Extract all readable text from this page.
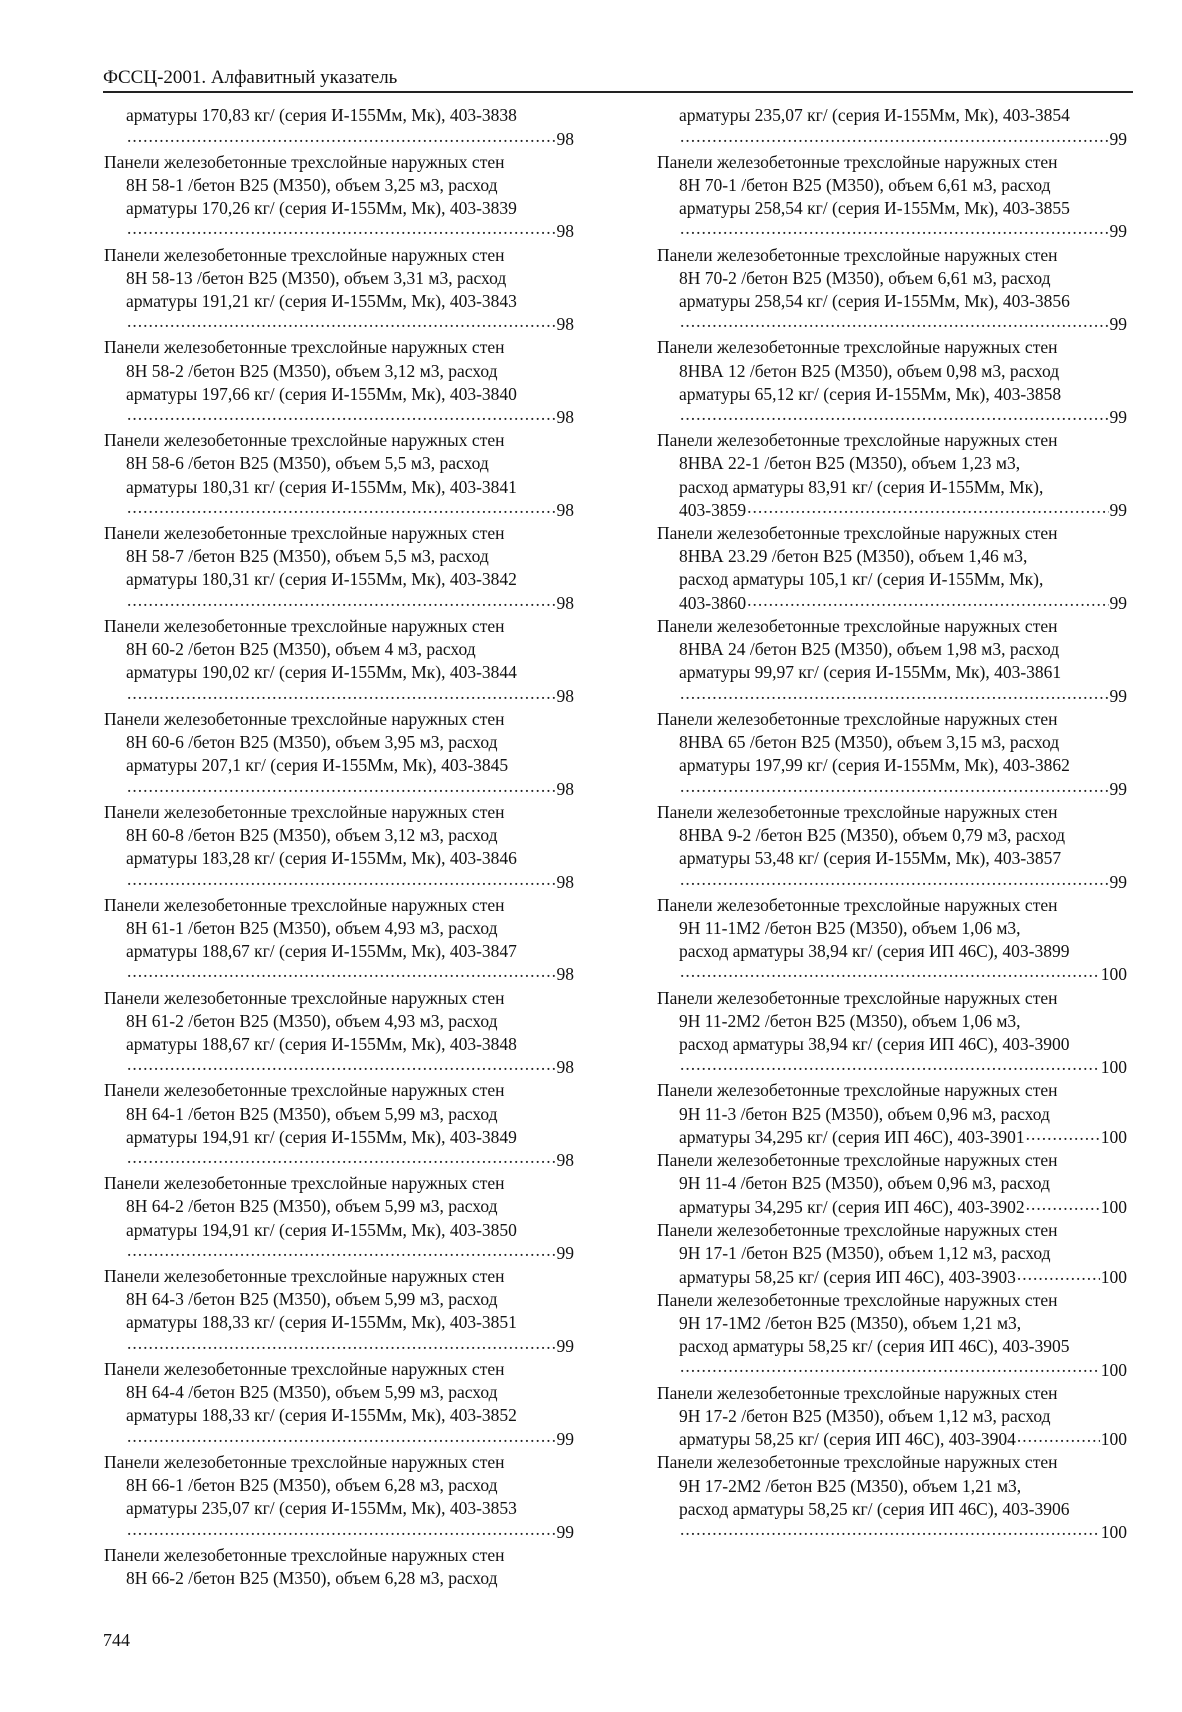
ФССЦ-2001. Алфавитный указатель
арматуры 170,83 кг/ (серия И-155Мм, Мк), 403-3838
.....
98
Панели железобетонные трехслойные наружных стен
8Н 58-1 /бетон В25 (М350), объем 3,25 м3, расход
арматуры 170,26 кг/ (серия И-155Мм, Мк), 403-3839
.....
98
Панели железобетонные трехслойные наружных стен
8Н 58-13 /бетон В25 (М350), объем 3,31 м3, расход
арматуры 191,21 кг/ (серия И-155Мм, Мк), 403-3843
.....
98
Панели железобетонные трехслойные наружных стен
8Н 58-2 /бетон В25 (М350), объем 3,12 м3, расход
арматуры 197,66 кг/ (серия И-155Мм, Мк), 403-3840
.....
98
Панели железобетонные трехслойные наружных стен
8Н 58-6 /бетон В25 (М350), объем 5,5 м3, расход
арматуры 180,31 кг/ (серия И-155Мм, Мк), 403-3841
.....
98
Панели железобетонные трехслойные наружных стен
8Н 58-7 /бетон В25 (М350), объем 5,5 м3, расход
арматуры 180,31 кг/ (серия И-155Мм, Мк), 403-3842
.....
98
Панели железобетонные трехслойные наружных стен
8Н 60-2 /бетон В25 (М350), объем 4 м3, расход
арматуры 190,02 кг/ (серия И-155Мм, Мк), 403-3844
.....
98
Панели железобетонные трехслойные наружных стен
8Н 60-6 /бетон В25 (М350), объем 3,95 м3, расход
арматуры 207,1 кг/ (серия И-155Мм, Мк), 403-3845
.....
98
Панели железобетонные трехслойные наружных стен
8Н 60-8 /бетон В25 (М350), объем 3,12 м3, расход
арматуры 183,28 кг/ (серия И-155Мм, Мк), 403-3846
.....
98
Панели железобетонные трехслойные наружных стен
8Н 61-1 /бетон В25 (М350), объем 4,93 м3, расход
арматуры 188,67 кг/ (серия И-155Мм, Мк), 403-3847
.....
98
Панели железобетонные трехслойные наружных стен
8Н 61-2 /бетон В25 (М350), объем 4,93 м3, расход
арматуры 188,67 кг/ (серия И-155Мм, Мк), 403-3848
.....
98
Панели железобетонные трехслойные наружных стен
8Н 64-1 /бетон В25 (М350), объем 5,99 м3, расход
арматуры 194,91 кг/ (серия И-155Мм, Мк), 403-3849
.....
98
Панели железобетонные трехслойные наружных стен
8Н 64-2 /бетон В25 (М350), объем 5,99 м3, расход
арматуры 194,91 кг/ (серия И-155Мм, Мк), 403-3850
.....
99
Панели железобетонные трехслойные наружных стен
8Н 64-3 /бетон В25 (М350), объем 5,99 м3, расход
арматуры 188,33 кг/ (серия И-155Мм, Мк), 403-3851
.....
99
Панели железобетонные трехслойные наружных стен
8Н 64-4 /бетон В25 (М350), объем 5,99 м3, расход
арматуры 188,33 кг/ (серия И-155Мм, Мк), 403-3852
.....
99
Панели железобетонные трехслойные наружных стен
8Н 66-1 /бетон В25 (М350), объем 6,28 м3, расход
арматуры 235,07 кг/ (серия И-155Мм, Мк), 403-3853
.....
99
Панели железобетонные трехслойные наружных стен
8Н 66-2 /бетон В25 (М350), объем 6,28 м3, расход
арматуры 235,07 кг/ (серия И-155Мм, Мк), 403-3854
.....
99
Панели железобетонные трехслойные наружных стен
8Н 70-1 /бетон В25 (М350), объем 6,61 м3, расход
арматуры 258,54 кг/ (серия И-155Мм, Мк), 403-3855
.....
99
Панели железобетонные трехслойные наружных стен
8Н 70-2 /бетон В25 (М350), объем 6,61 м3, расход
арматуры 258,54 кг/ (серия И-155Мм, Мк), 403-3856
.....
99
Панели железобетонные трехслойные наружных стен
8НВА 12 /бетон В25 (М350), объем 0,98 м3, расход
арматуры 65,12 кг/ (серия И-155Мм, Мк), 403-3858
.....
99
Панели железобетонные трехслойные наружных стен
8НВА 22-1 /бетон В25 (М350), объем 1,23 м3,
расход арматуры 83,91 кг/ (серия И-155Мм, Мк),
403-3859 .....	99
Панели железобетонные трехслойные наружных стен
8НВА 23.29 /бетон В25 (М350), объем 1,46 м3,
расход арматуры 105,1 кг/ (серия И-155Мм, Мк),
403-3860 .....	99
Панели железобетонные трехслойные наружных стен
8НВА 24 /бетон В25 (М350), объем 1,98 м3, расход
арматуры 99,97 кг/ (серия И-155Мм, Мк), 403-3861
.....
99
Панели железобетонные трехслойные наружных стен
8НВА 65 /бетон В25 (М350), объем 3,15 м3, расход
арматуры 197,99 кг/ (серия И-155Мм, Мк), 403-3862
.....
99
Панели железобетонные трехслойные наружных стен
8НВА 9-2 /бетон В25 (М350), объем 0,79 м3, расход
арматуры 53,48 кг/ (серия И-155Мм, Мк), 403-3857
.....
99
Панели железобетонные трехслойные наружных стен
9Н 11-1М2 /бетон В25 (М350), объем 1,06 м3,
расход арматуры 38,94 кг/ (серия ИП 46С), 403-3899
.....
100
Панели железобетонные трехслойные наружных стен
9Н 11-2М2 /бетон В25 (М350), объем 1,06 м3,
расход арматуры 38,94 кг/ (серия ИП 46С), 403-3900
.....
100
Панели железобетонные трехслойные наружных стен
9Н 11-3 /бетон В25 (М350), объем 0,96 м3, расход
арматуры 34,295 кг/ (серия ИП 46С), 403-3901 .....	100
Панели железобетонные трехслойные наружных стен
9Н 11-4 /бетон В25 (М350), объем 0,96 м3, расход
арматуры 34,295 кг/ (серия ИП 46С), 403-3902 .....	100
Панели железобетонные трехслойные наружных стен
9Н 17-1 /бетон В25 (М350), объем 1,12 м3, расход
арматуры 58,25 кг/ (серия ИП 46С), 403-3903 .....	100
Панели железобетонные трехслойные наружных стен
9Н 17-1М2 /бетон В25 (М350), объем 1,21 м3,
расход арматуры 58,25 кг/ (серия ИП 46С), 403-3905
.....
100
Панели железобетонные трехслойные наружных стен
9Н 17-2 /бетон В25 (М350), объем 1,12 м3, расход
арматуры 58,25 кг/ (серия ИП 46С), 403-3904 .....	100
Панели железобетонные трехслойные наружных стен
9Н 17-2М2 /бетон В25 (М350), объем 1,21 м3,
расход арматуры 58,25 кг/ (серия ИП 46С), 403-3906
.....
100
744
